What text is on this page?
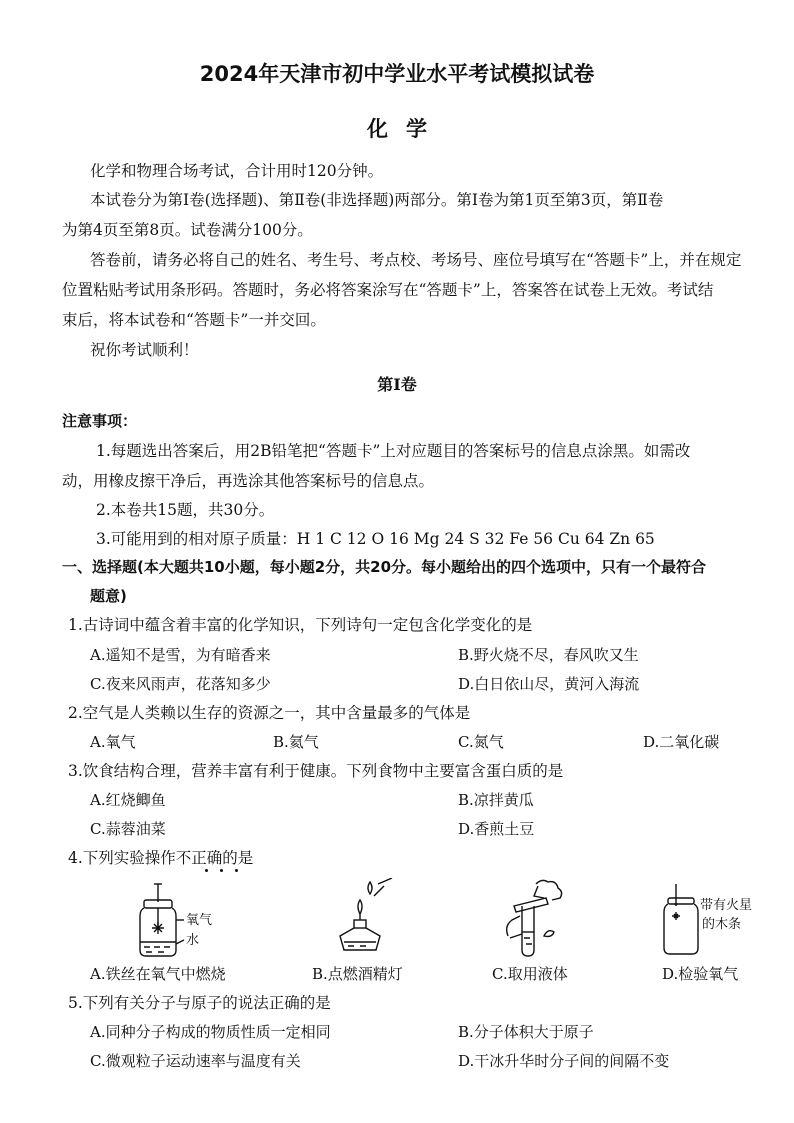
2024年天津市初中学业水平考试模拟试卷
化学
化学和物理合场考试，合计用时120分钟。
本试卷分为第Ⅰ卷(选择题)、第Ⅱ卷(非选择题)两部分。第Ⅰ卷为第1页至第3页，第Ⅱ卷
为第4页至第8页。试卷满分100分。
答卷前，请务必将自己的姓名、考生号、考点校、考场号、座位号填写在“答题卡”上，并在规定
位置粘贴考试用条形码。答题时，务必将答案涂写在“答题卡”上，答案答在试卷上无效。考试结
束后，将本试卷和“答题卡”一并交回。
祝你考试顺利！
第Ⅰ卷
注意事项：
1.每题选出答案后，用2B铅笔把“答题卡”上对应题目的答案标号的信息点涂黑。如需改
动，用橡皮擦干净后，再选涂其他答案标号的信息点。
2.本卷共15题，共30分。
3.可能用到的相对原子质量：H 1 C 12 O 16 Mg 24 S 32 Fe 56 Cu 64 Zn 65
一、选择题(本大题共10小题，每小题2分，共20分。每小题给出的四个选项中，只有一个最符合
题意)
1.古诗词中蕴含着丰富的化学知识，下列诗句一定包含化学变化的是
A.遥知不是雪，为有暗香来	B.野火烧不尽，春风吹又生
C.夜来风雨声，花落知多少	D.白日依山尽，黄河入海流
2.空气是人类赖以生存的资源之一，其中含量最多的气体是
A.氧气	B.氦气	C.氮气	D.二氧化碳
3.饮食结构合理，营养丰富有利于健康。下列食物中主要富含蛋白质的是
A.红烧鲫鱼	B.凉拌黄瓜
C.蒜蓉油菜	D.香煎土豆
4.下列实验操作不正确的是
氧气
水
带有火星
的木条
A.铁丝在氧气中燃烧	B.点燃酒精灯	C.取用液体	D.检验氧气
5.下列有关分子与原子的说法正确的是
A.同种分子构成的物质性质一定相同	B.分子体积大于原子
C.微观粒子运动速率与温度有关	D.干冰升华时分子间的间隔不变
